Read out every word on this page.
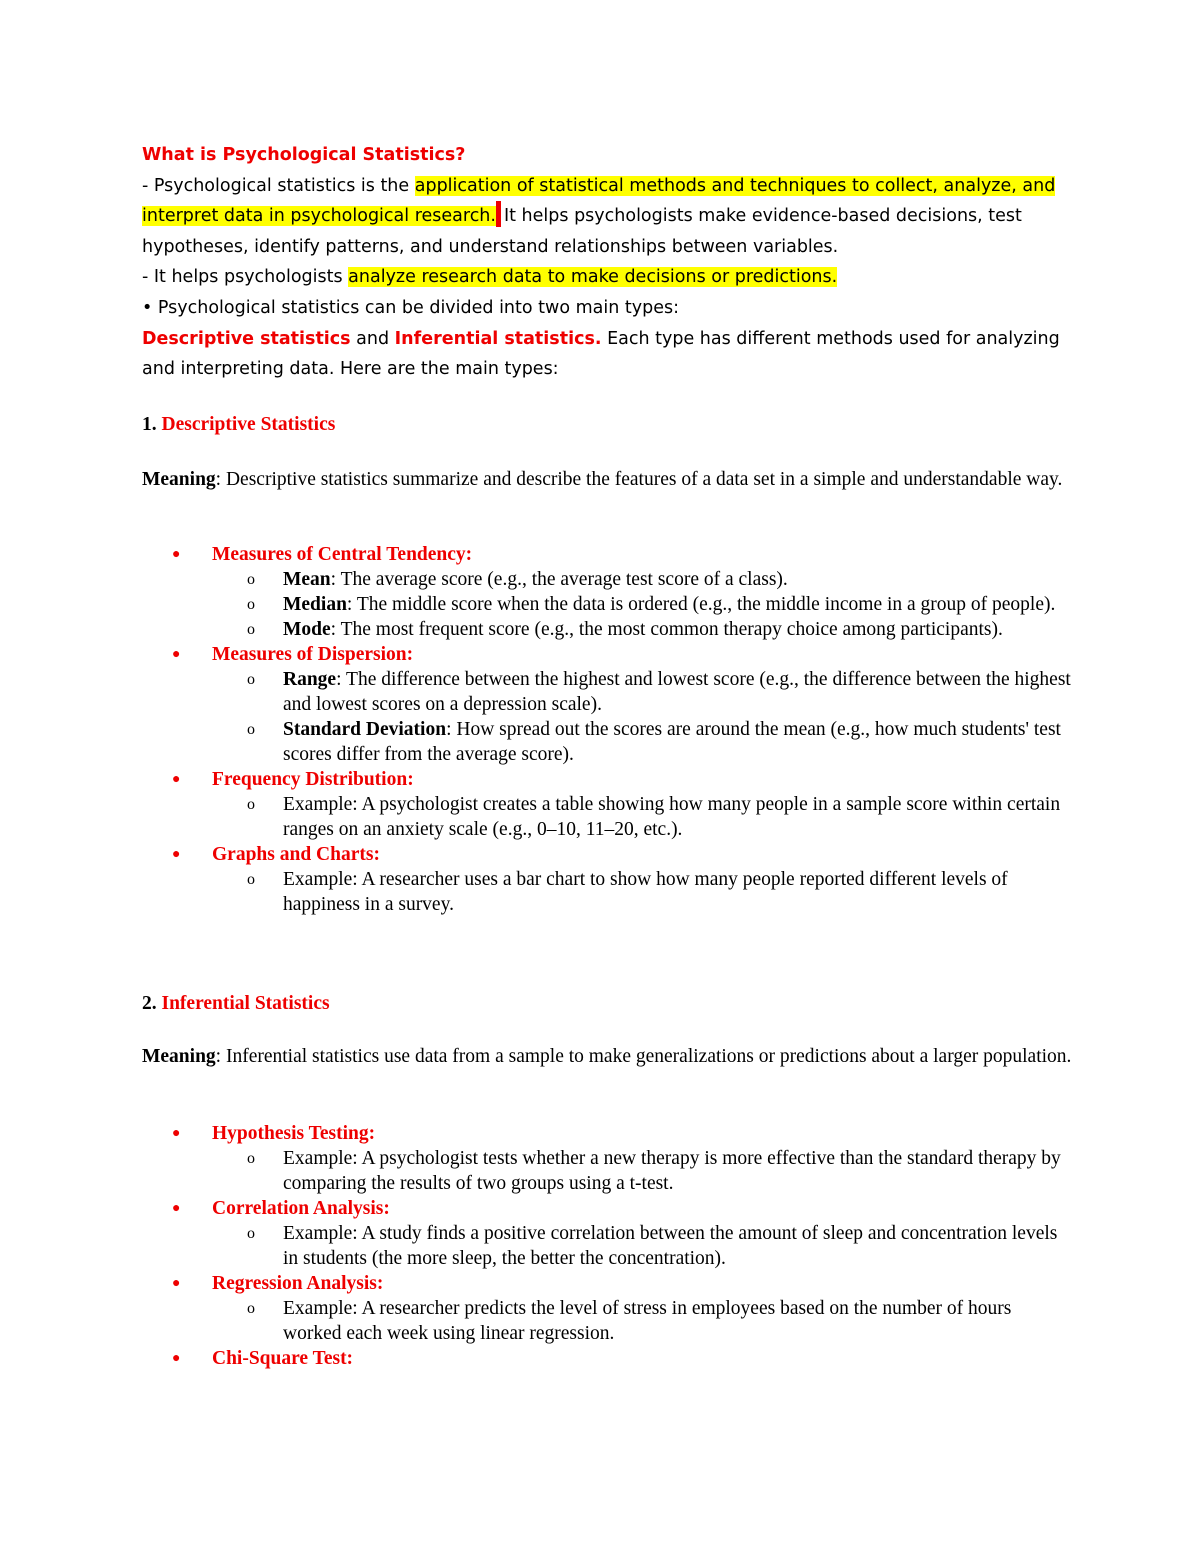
What is Psychological Statistics?

- Psychological statistics is the application of statistical methods and techniques to collect, analyze, and interpret data in psychological research. It helps psychologists make evidence-based decisions, test hypotheses, identify patterns, and understand relationships between variables.

- It helps psychologists analyze research data to make decisions or predictions.

• Psychological statistics can be divided into two main types:

Descriptive statistics and Inferential statistics. Each type has different methods used for analyzing and interpreting data. Here are the main types:

1. Descriptive Statistics

Meaning: Descriptive statistics summarize and describe the features of a data set in a simple and understandable way.

● Measures of Central Tendency:

o Mean: The average score (e.g., the average test score of a class).

o Median: The middle score when the data is ordered (e.g., the middle income in a group of people).

o Mode: The most frequent score (e.g., the most common therapy choice among participants).

● Measures of Dispersion:

o Range: The difference between the highest and lowest score (e.g., the difference between the highest and lowest scores on a depression scale).

o Standard Deviation: How spread out the scores are around the mean (e.g., how much students' test scores differ from the average score).

● Frequency Distribution:

o Example: A psychologist creates a table showing how many people in a sample score within certain ranges on an anxiety scale (e.g., 0–10, 11–20, etc.).

● Graphs and Charts:

o Example: A researcher uses a bar chart to show how many people reported different levels of happiness in a survey.

2. Inferential Statistics

Meaning: Inferential statistics use data from a sample to make generalizations or predictions about a larger population.

● Hypothesis Testing:

o Example: A psychologist tests whether a new therapy is more effective than the standard therapy by comparing the results of two groups using a t-test.

● Correlation Analysis:

o Example: A study finds a positive correlation between the amount of sleep and concentration levels in students (the more sleep, the better the concentration).

● Regression Analysis:

o Example: A researcher predicts the level of stress in employees based on the number of hours worked each week using linear regression.

● Chi-Square Test:
